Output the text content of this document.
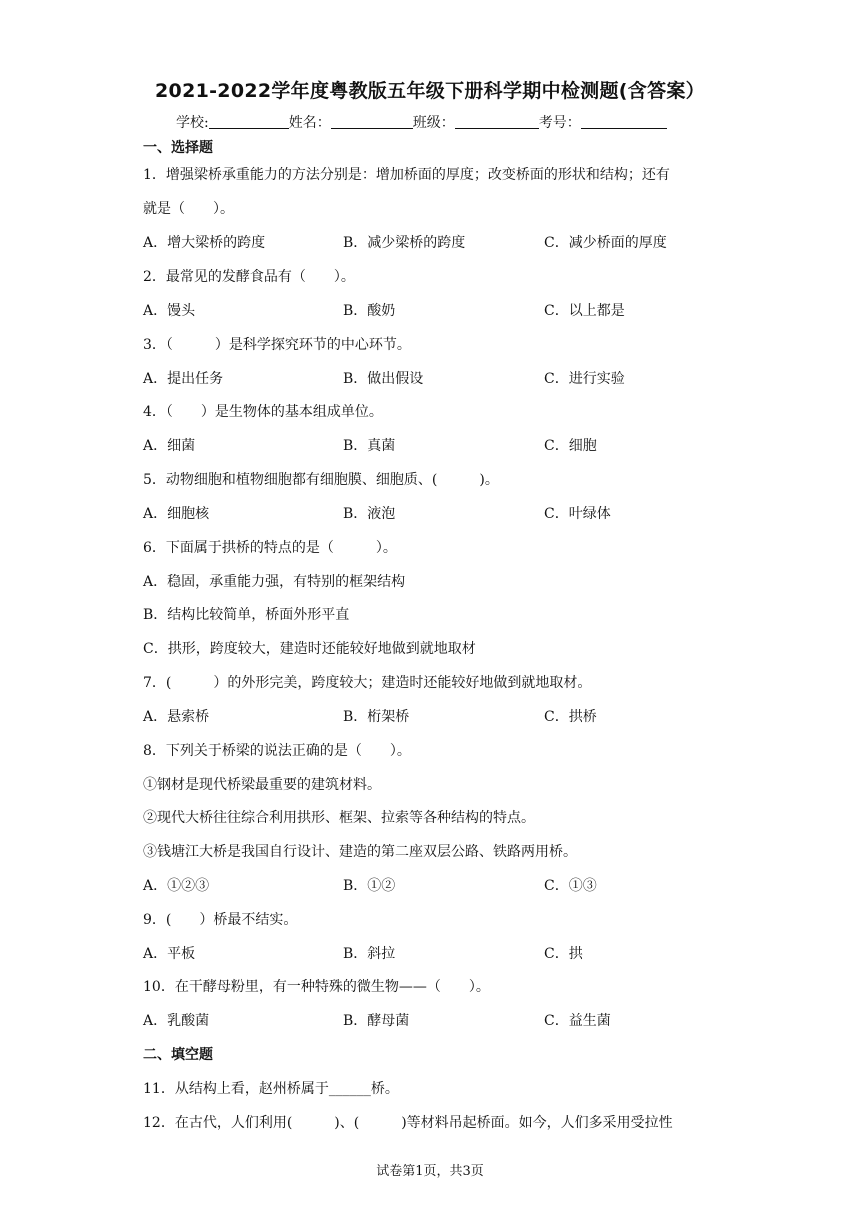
2021-2022学年度粤教版五年级下册科学期中检测题(含答案）
学校:	姓名：	班级：	考号：
一、选择题
1．增强梁桥承重能力的方法分别是：增加桥面的厚度；改变桥面的形状和结构；还有
就是（　　）。
A．增大梁桥的跨度	B．减少梁桥的跨度	C．减少桥面的厚度
2．最常见的发酵食品有（　　）。
A．馒头	B．酸奶	C．以上都是
3．（　　　）是科学探究环节的中心环节。
A．提出任务	B．做出假设	C．进行实验
4．（　　）是生物体的基本组成单位。
A．细菌	B．真菌	C．细胞
5．动物细胞和植物细胞都有细胞膜、细胞质、(　　　)。
A．细胞核	B．液泡	C．叶绿体
6．下面属于拱桥的特点的是（　　　）。
A．稳固，承重能力强，有特别的框架结构
B．结构比较简单，桥面外形平直
C．拱形，跨度较大，建造时还能较好地做到就地取材
7．(　　　）的外形完美，跨度较大；建造时还能较好地做到就地取材。
A．悬索桥	B．桁架桥	C．拱桥
8．下列关于桥梁的说法正确的是（　　）。
①钢材是现代桥梁最重要的建筑材料。
②现代大桥往往综合利用拱形、框架、拉索等各种结构的特点。
③钱塘江大桥是我国自行设计、建造的第二座双层公路、铁路两用桥。
A．①②③	B．①②	C．①③
9．(　　）桥最不结实。
A．平板	B．斜拉	C．拱
10．在干酵母粉里，有一种特殊的微生物——（　　）。
A．乳酸菌	B．酵母菌	C．益生菌
二、填空题
11．从结构上看，赵州桥属于______桥。
12．在古代，人们利用(　　　)、(　　　)等材料吊起桥面。如今，人们多采用受拉性
试卷第1页，共3页
